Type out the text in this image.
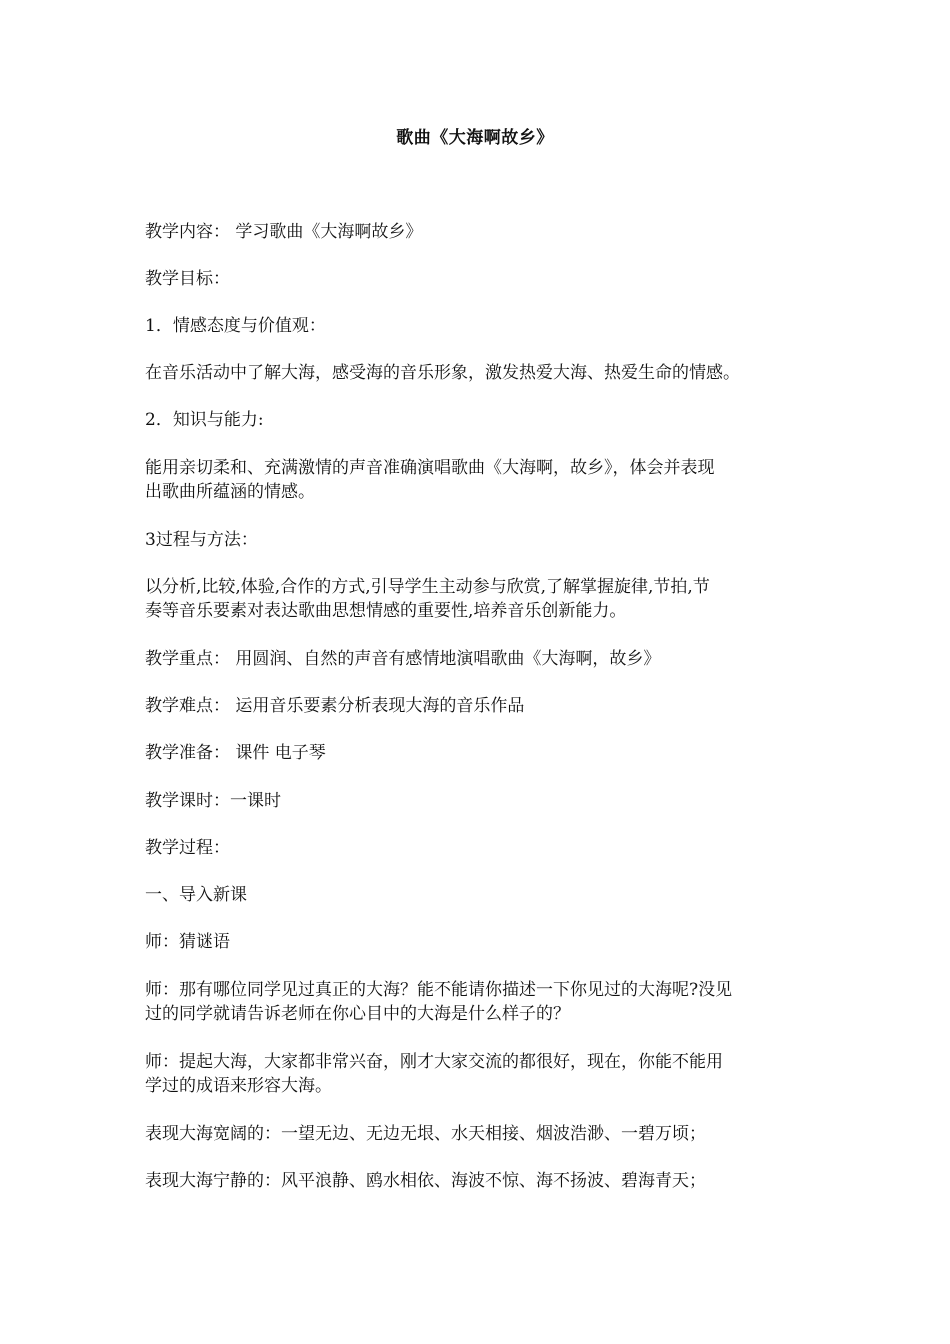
歌曲《大海啊故乡》
教学内容： 学习歌曲《大海啊故乡》
教学目标：
1．情感态度与价值观：
在音乐活动中了解大海，感受海的音乐形象，激发热爱大海、热爱生命的情感。
2．知识与能力:
能用亲切柔和、充满激情的声音准确演唱歌曲《大海啊，故乡》，体会并表现
出歌曲所蕴涵的情感。
3过程与方法：
以分析,比较,体验,合作的方式,引导学生主动参与欣赏,了解掌握旋律,节拍,节
奏等音乐要素对表达歌曲思想情感的重要性,培养音乐创新能力。
教学重点： 用圆润、自然的声音有感情地演唱歌曲《大海啊，故乡》
教学难点： 运用音乐要素分析表现大海的音乐作品
教学准备： 课件 电子琴
教学课时：一课时
教学过程：
一、导入新课
师：猜谜语
师：那有哪位同学见过真正的大海？能不能请你描述一下你见过的大海呢?没见
过的同学就请告诉老师在你心目中的大海是什么样子的？
师：提起大海，大家都非常兴奋，刚才大家交流的都很好，现在，你能不能用
学过的成语来形容大海。
表现大海宽阔的：一望无边、无边无垠、水天相接、烟波浩渺、一碧万顷；
表现大海宁静的：风平浪静、鸥水相依、海波不惊、海不扬波、碧海青天；
